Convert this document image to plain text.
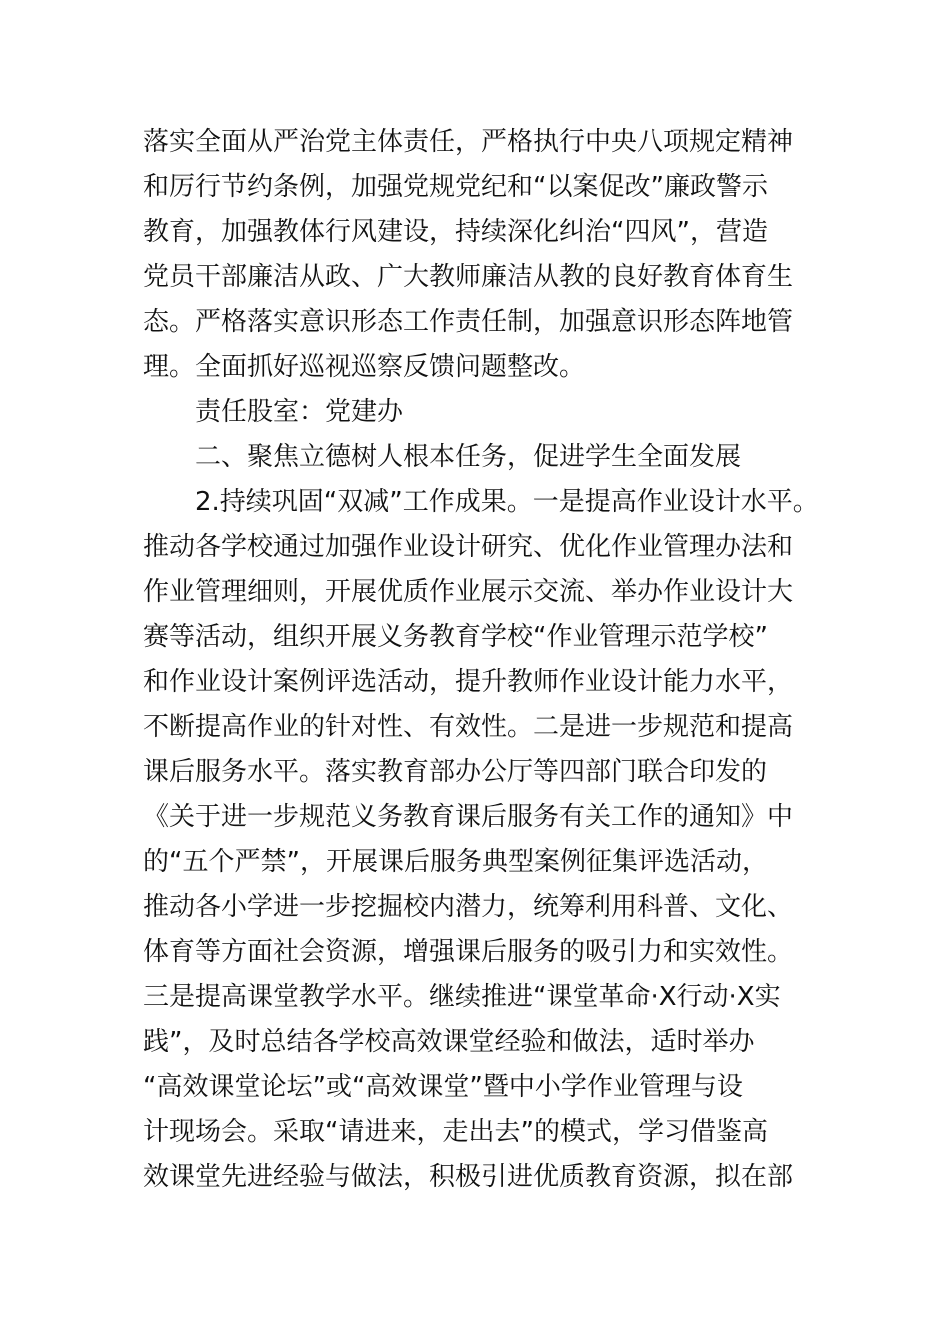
落实全面从严治党主体责任，严格执行中央八项规定精神
和厉行节约条例，加强党规党纪和“以案促改”廉政警示
教育，加强教体行风建设，持续深化纠治“四风”，营造
党员干部廉洁从政、广大教师廉洁从教的良好教育体育生
态。严格落实意识形态工作责任制，加强意识形态阵地管
理。全面抓好巡视巡察反馈问题整改。
责任股室：党建办
二、聚焦立德树人根本任务，促进学生全面发展
2.持续巩固“双减”工作成果。一是提高作业设计水平。
推动各学校通过加强作业设计研究、优化作业管理办法和
作业管理细则，开展优质作业展示交流、举办作业设计大
赛等活动，组织开展义务教育学校“作业管理示范学校”
和作业设计案例评选活动，提升教师作业设计能力水平，
不断提高作业的针对性、有效性。二是进一步规范和提高
课后服务水平。落实教育部办公厅等四部门联合印发的
《关于进一步规范义务教育课后服务有关工作的通知》中
的“五个严禁”，开展课后服务典型案例征集评选活动，
推动各小学进一步挖掘校内潜力，统筹利用科普、文化、
体育等方面社会资源，增强课后服务的吸引力和实效性。
三是提高课堂教学水平。继续推进“课堂革命·X行动·X实
践”，及时总结各学校高效课堂经验和做法，适时举办
“高效课堂论坛”或“高效课堂”暨中小学作业管理与设
计现场会。采取“请进来，走出去”的模式，学习借鉴高
效课堂先进经验与做法，积极引进优质教育资源，拟在部
